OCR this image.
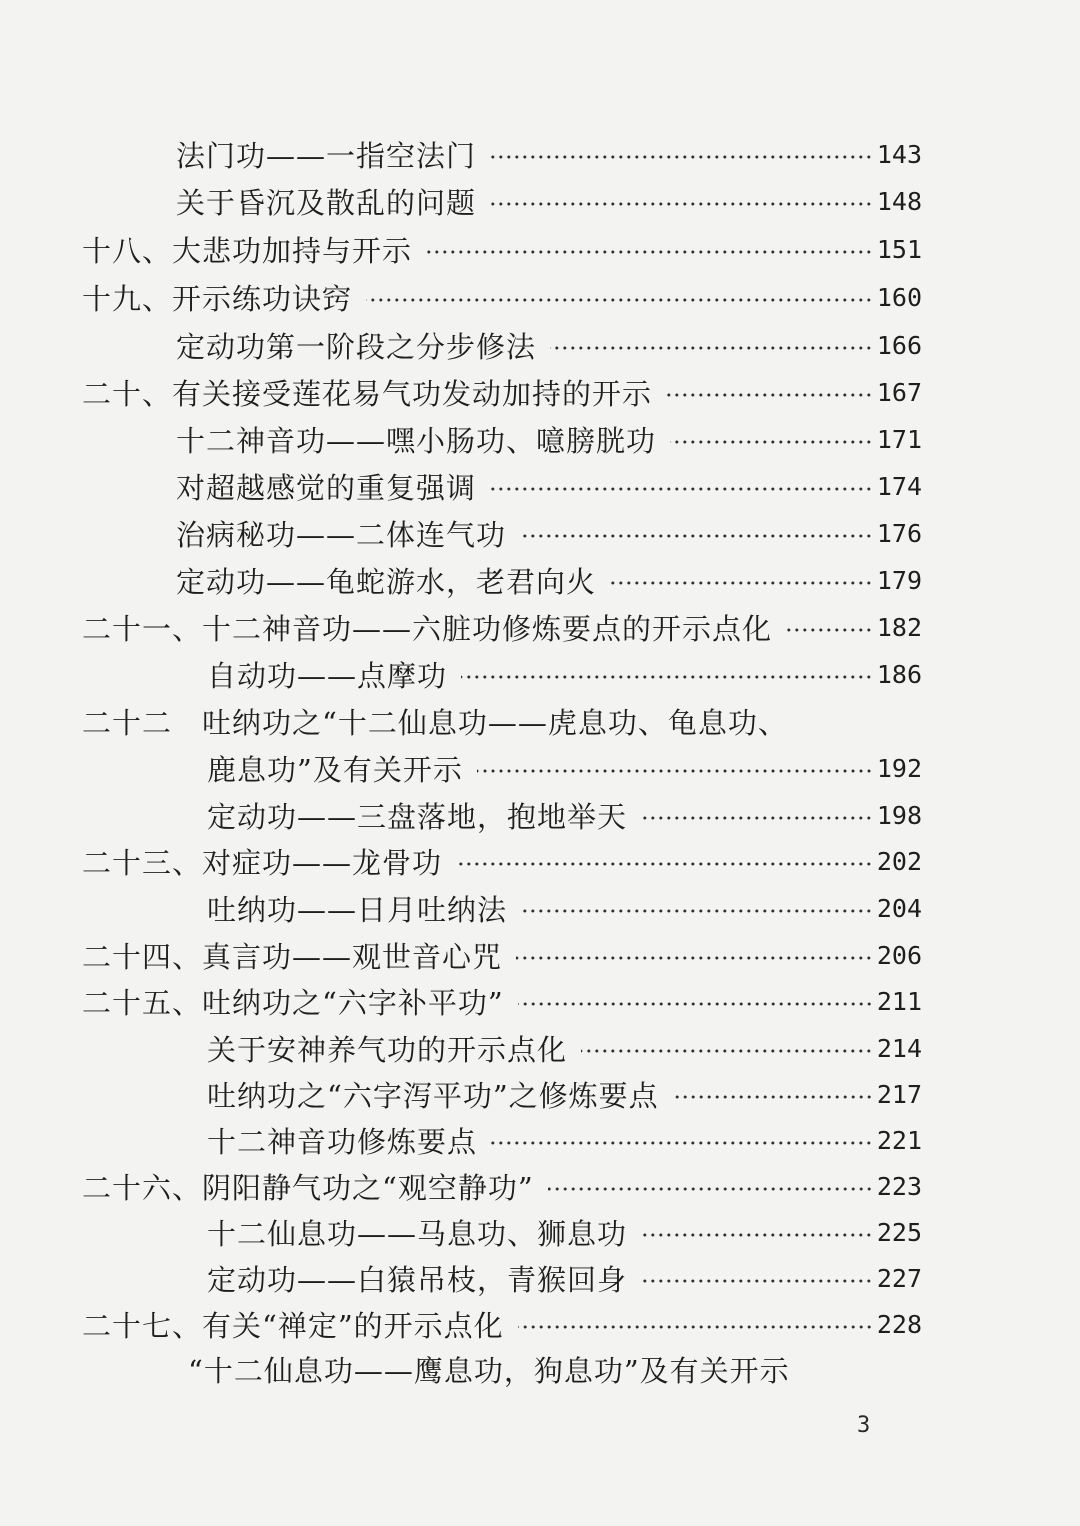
法门功——一指空法门	143
关于昏沉及散乱的问题	148
十八、大悲功加持与开示	151
十九、开示练功诀窍	160
定动功第一阶段之分步修法	166
二十、有关接受莲花易气功发动加持的开示	167
十二神音功——嘿小肠功、噫膀胱功	171
对超越感觉的重复强调	174
治病秘功——二体连气功	176
定动功——龟蛇游水，老君向火	179
二十一、十二神音功——六脏功修炼要点的开示点化	182
自动功——点摩功	186
二十二　吐纳功之“十二仙息功——虎息功、龟息功、
鹿息功”及有关开示	192
定动功——三盘落地，抱地举天	198
二十三、对症功——龙骨功	202
吐纳功——日月吐纳法	204
二十四、真言功——观世音心咒	206
二十五、吐纳功之“六字补平功”	211
关于安神养气功的开示点化	214
吐纳功之“六字泻平功”之修炼要点	217
十二神音功修炼要点	221
二十六、阴阳静气功之“观空静功”	223
十二仙息功——马息功、狮息功	225
定动功——白猿吊枝，青猴回身	227
二十七、有关“禅定”的开示点化	228
“十二仙息功——鹰息功，狗息功”及有关开示
3
